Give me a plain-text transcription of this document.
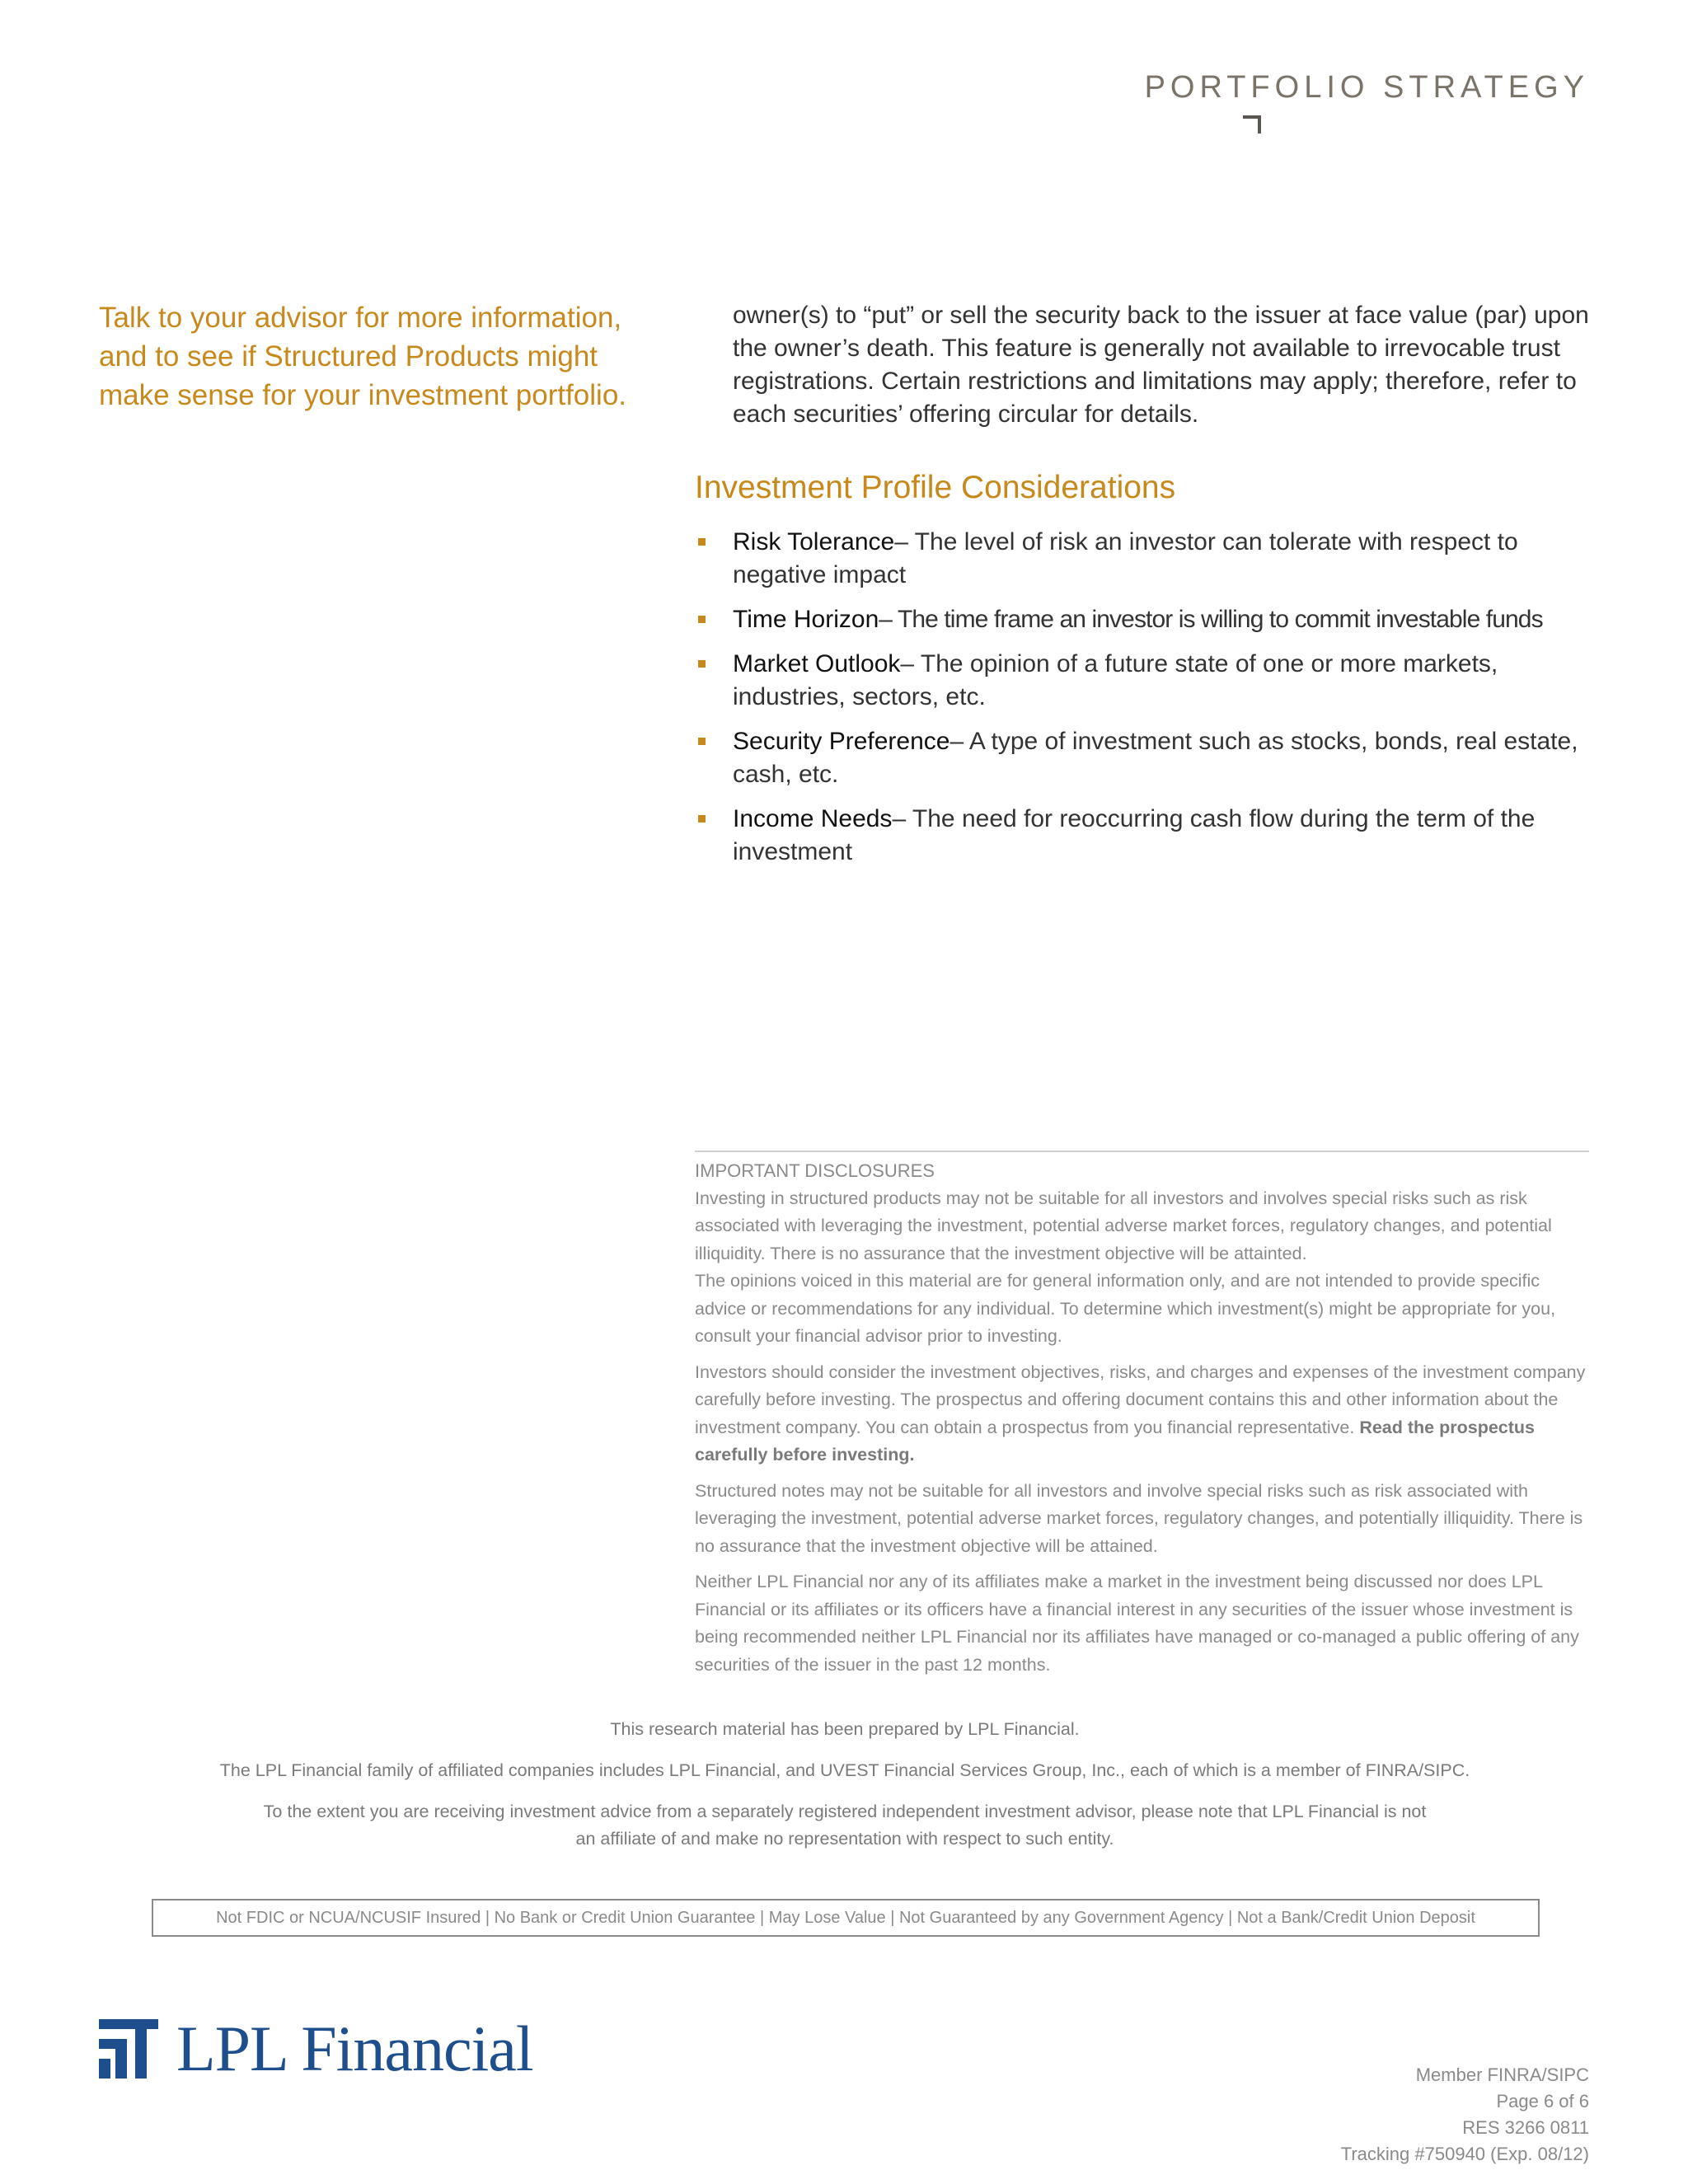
PORTFOLIO STRATEGY
Talk to your advisor for more information, and to see if Structured Products might make sense for your investment portfolio.
owner(s) to “put” or sell the security back to the issuer at face value (par) upon the owner’s death. This feature is generally not available to irrevocable trust registrations. Certain restrictions and limitations may apply; therefore, refer to each securities’ offering circular for details.
Investment Profile Considerations
Risk Tolerance– The level of risk an investor can tolerate with respect to negative impact
Time Horizon– The time frame an investor is willing to commit investable funds
Market Outlook– The opinion of a future state of one or more markets, industries, sectors, etc.
Security Preference– A type of investment such as stocks, bonds, real estate, cash, etc.
Income Needs– The need for reoccurring cash flow during the term of the investment

IMPORTANT DISCLOSURES

Investing in structured products may not be suitable for all investors and involves special risks such as risk associated with leveraging the investment, potential adverse market forces, regulatory changes, and potential illiquidity. There is no assurance that the investment objective will be attainted.

The opinions voiced in this material are for general information only, and are not intended to provide specific advice or recommendations for any individual. To determine which investment(s) might be appropriate for you, consult your financial advisor prior to investing.

Investors should consider the investment objectives, risks, and charges and expenses of the investment company carefully before investing. The prospectus and offering document contains this and other information about the investment company. You can obtain a prospectus from you financial representative. Read the prospectus carefully before investing.

Structured notes may not be suitable for all investors and involve special risks such as risk associated with leveraging the investment, potential adverse market forces, regulatory changes, and potentially illiquidity. There is no assurance that the investment objective will be attained.

Neither LPL Financial nor any of its affiliates make a market in the investment being discussed nor does LPL Financial or its affiliates or its officers have a financial interest in any securities of the issuer whose investment is being recommended neither LPL Financial nor its affiliates have managed or co-managed a public offering of any securities of the issuer in the past 12 months.

This research material has been prepared by LPL Financial.

The LPL Financial family of affiliated companies includes LPL Financial, and UVEST Financial Services Group, Inc., each of which is a member of FINRA/SIPC.

To the extent you are receiving investment advice from a separately registered independent investment advisor, please note that LPL Financial is not an affiliate of and make no representation with respect to such entity.

Not FDIC or NCUA/NCUSIF Insured | No Bank or Credit Union Guarantee | May Lose Value | Not Guaranteed by any Government Agency | Not a Bank/Credit Union Deposit
LPL Financial	Member FINRA/SIPC
Page 6 of 6
RES 3266 0811
Tracking #750940 (Exp. 08/12)
